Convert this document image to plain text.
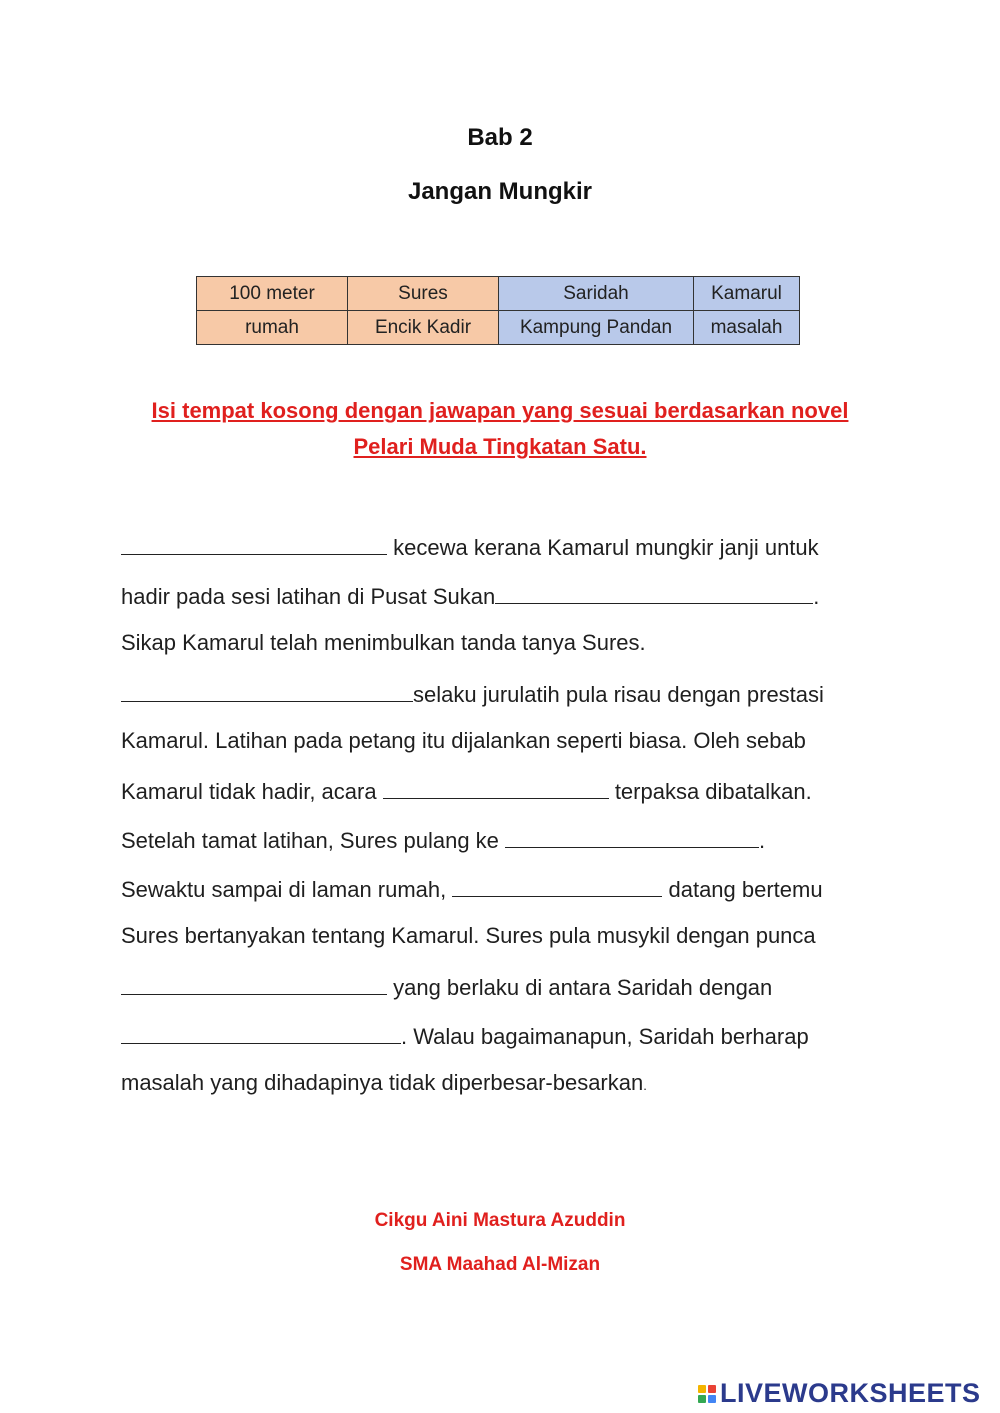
Bab 2
Jangan Mungkir
100 meter	Sures	Saridah	Kamarul
rumah	Encik Kadir	Kampung Pandan	masalah
Isi tempat kosong dengan jawapan yang sesuai berdasarkan novel
Pelari Muda Tingkatan Satu.
kecewa kerana Kamarul mungkir janji untuk
hadir pada sesi latihan di Pusat Sukan	.
Sikap Kamarul telah menimbulkan tanda tanya Sures.
selaku jurulatih pula risau dengan prestasi
Kamarul. Latihan pada petang itu dijalankan seperti biasa. Oleh sebab
Kamarul tidak hadir, acara	terpaksa dibatalkan.
Setelah tamat latihan, Sures pulang ke	.
Sewaktu sampai di laman rumah,	datang bertemu
Sures bertanyakan tentang Kamarul. Sures pula musykil dengan punca
yang berlaku di antara Saridah dengan
. Walau bagaimanapun, Saridah berharap
masalah yang dihadapinya tidak diperbesar-besarkan.
Cikgu Aini Mastura Azuddin
SMA Maahad Al-Mizan
LIVEWORKSHEETS
